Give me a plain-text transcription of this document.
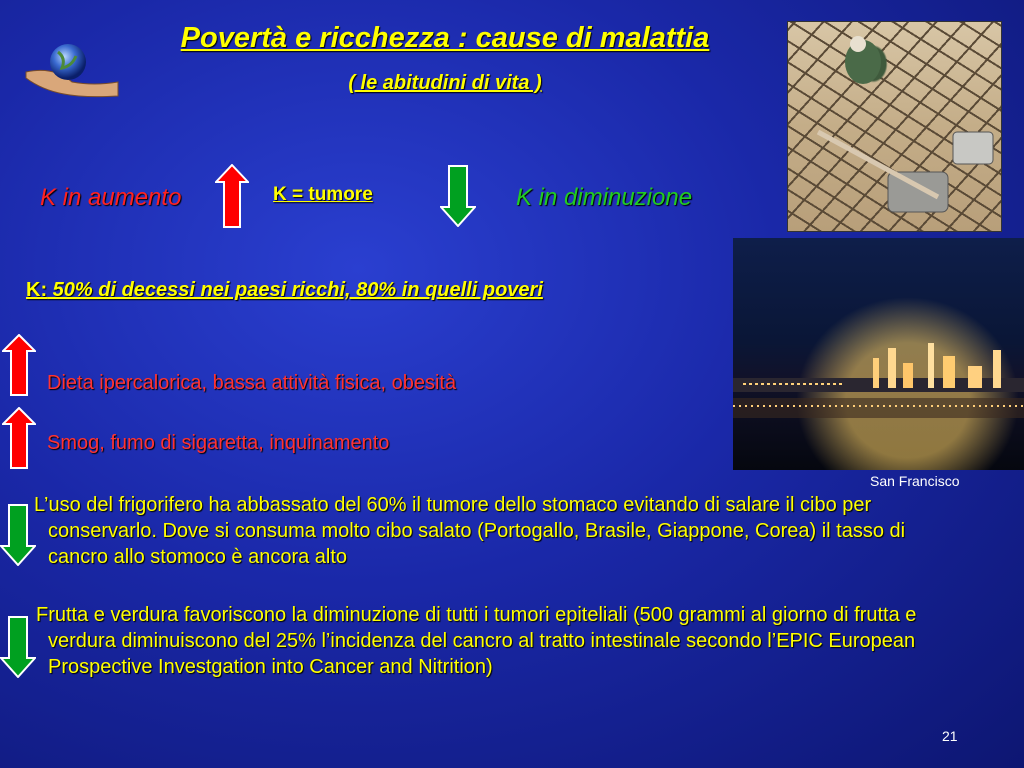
Povertà e ricchezza : cause di malattia
( le abitudini di vita )
San Francisco
K in aumento	K = tumore	K in diminuzione
K: 50% di decessi nei paesi ricchi, 80% in quelli poveri
Dieta ipercalorica, bassa attività fisica, obesità
Smog, fumo di sigaretta, inquinamento
L’uso del frigorifero ha abbassato del 60% il tumore dello stomaco evitando di salare il cibo per conservarlo. Dove si consuma molto cibo salato (Portogallo, Brasile, Giappone, Corea) il tasso di cancro allo stomoco è ancora alto
Frutta e verdura favoriscono la diminuzione di tutti i tumori epiteliali (500 grammi al giorno di frutta e verdura diminuiscono del 25% l’incidenza del cancro al tratto intestinale secondo l’EPIC European Prospective Investgation into Cancer and Nitrition)
21
